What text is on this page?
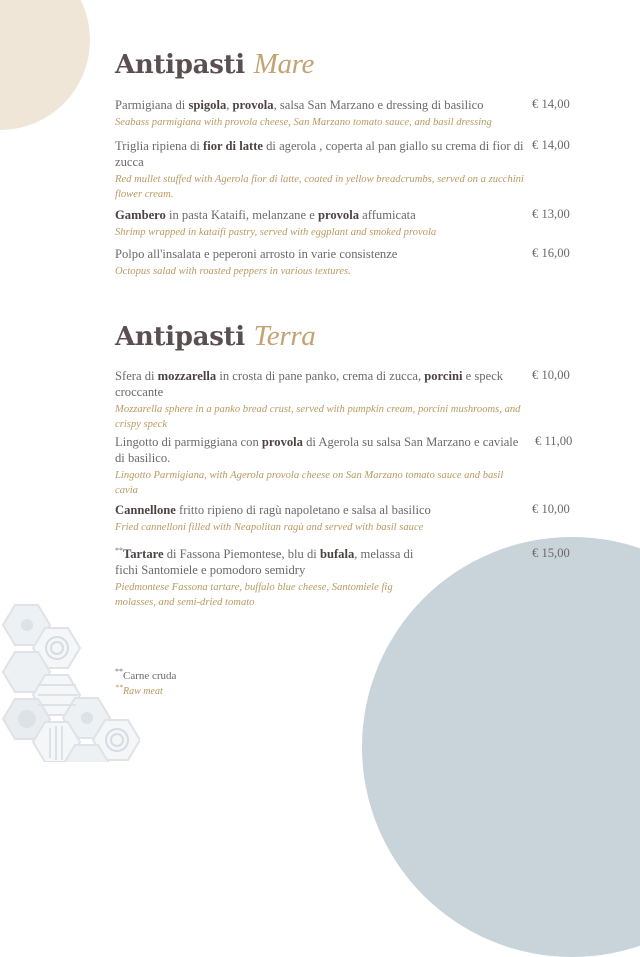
Antipasti Mare

Parmigiana di spigola, provola, salsa San Marzano e dressing di basilico

Seabass parmigiana with provola cheese, San Marzano tomato sauce, and basil dressing

€ 14,00

Triglia ripiena di fior di latte di agerola , coperta al pan giallo su crema di fior di zucca

Red mullet stuffed with Agerola fior di latte, coated in yellow breadcrumbs, served on a zucchini flower cream.

€ 14,00

Gambero in pasta Kataifi, melanzane e provola affumicata

Shrimp wrapped in kataifi pastry, served with eggplant and smoked provola

€ 13,00

Polpo all'insalata e peperoni arrosto in varie consistenze

Octopus salad with roasted peppers in various textures.

€ 16,00
Antipasti Terra

Sfera di mozzarella in crosta di pane panko, crema di zucca, porcini e speck croccante

Mozzarella sphere in a panko bread crust, served with pumpkin cream, porcini mushrooms, and crispy speck

€ 10,00

Lingotto di parmiggiana con provola di Agerola su salsa San Marzano e caviale di basilico.

Lingotto Parmigiana, with Agerola provola cheese on San Marzano tomato sauce and basil cavia

€ 11,00

Cannellone fritto ripieno di ragù napoletano e salsa al basilico

Fried cannelloni filled with Neapolitan ragù and served with basil sauce

€ 10,00

**Tartare di Fassona Piemontese, blu di bufala, melassa di fichi Santomiele e pomodoro semidry

Piedmontese Fassona tartare, buffalo blue cheese, Santomiele fig molasses, and semi-dried tomato

€ 15,00
**Carne cruda
**Raw meat
